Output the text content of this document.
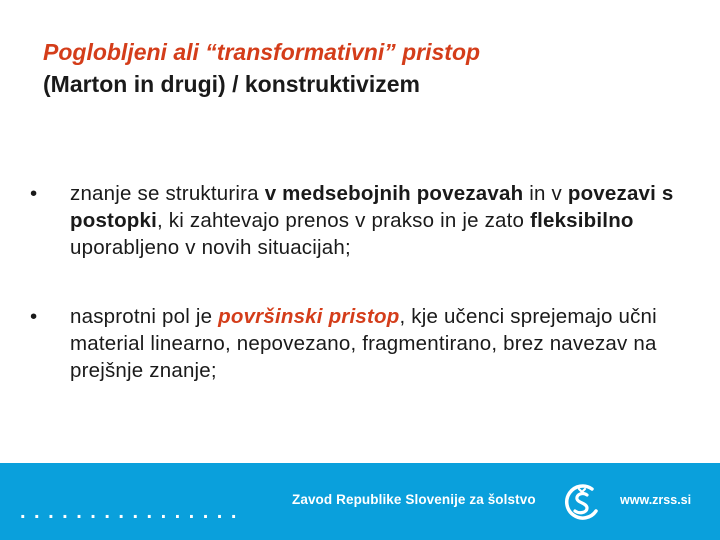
Poglobljeni ali “transformativni” pristop
(Marton in drugi) / konstruktivizem
•	znanje se strukturira v medsebojnih povezavah in v povezavi s postopki, ki zahtevajo prenos v prakso in je zato fleksibilno uporabljeno v novih situacijah;
•	nasprotni pol je površinski pristop, kje učenci sprejemajo učni material linearno, nepovezano, fragmentirano, brez navezav na prejšnje znanje;
................
Zavod Republike Slovenije za šolstvo	www.zrss.si
